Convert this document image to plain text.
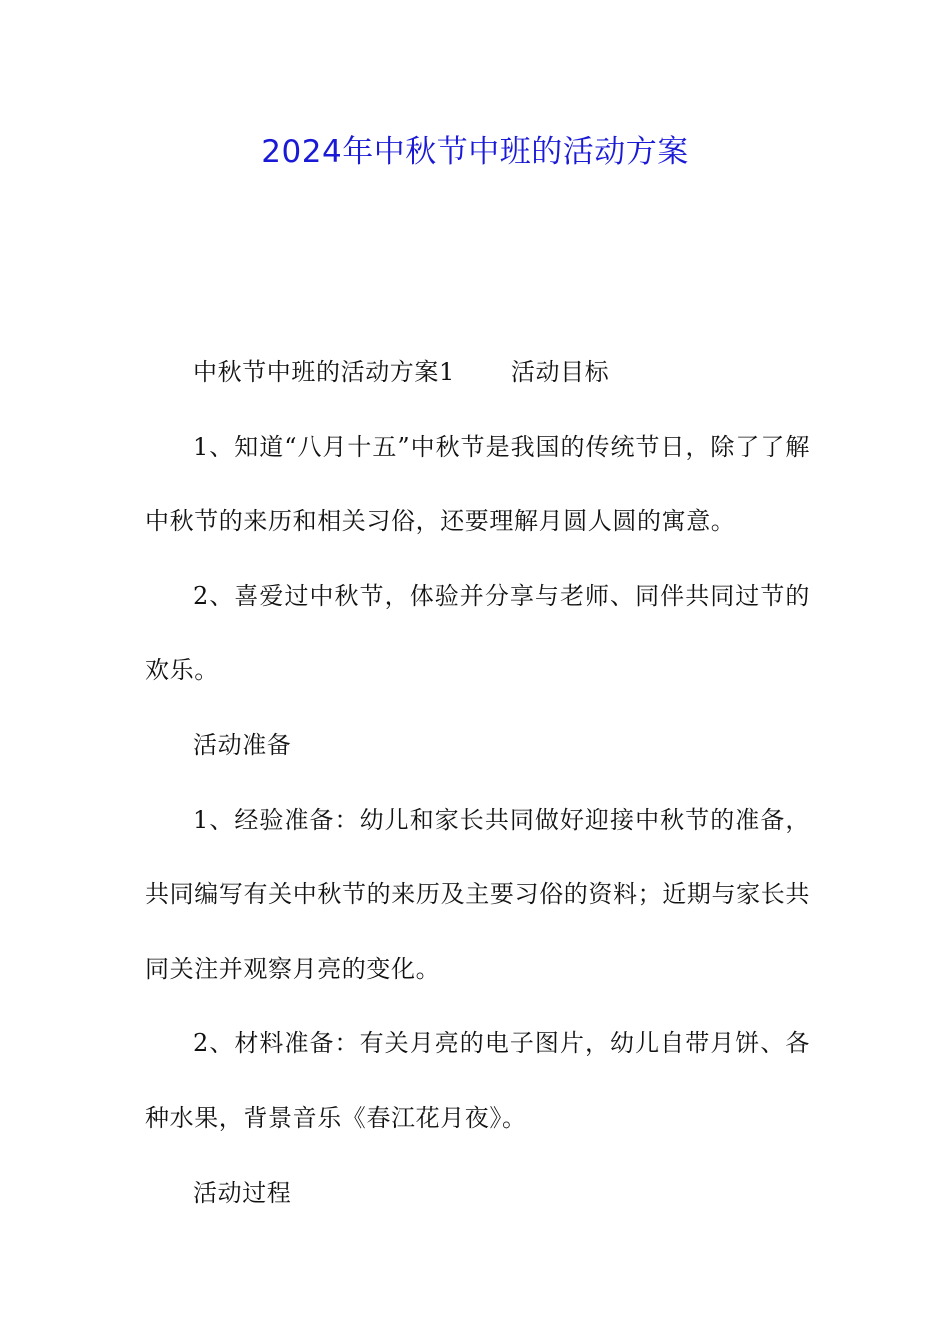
2024年中秋节中班的活动方案

中秋节中班的活动方案1 活动目标

1、知道“八月十五”中秋节是我国的传统节日，除了了解中秋节的来历和相关习俗，还要理解月圆人圆的寓意。

2、喜爱过中秋节，体验并分享与老师、同伴共同过节的欢乐。

活动准备

1、经验准备：幼儿和家长共同做好迎接中秋节的准备，共同编写有关中秋节的来历及主要习俗的资料；近期与家长共同关注并观察月亮的变化。

2、材料准备：有关月亮的电子图片，幼儿自带月饼、各种水果，背景音乐《春江花月夜》。

活动过程
